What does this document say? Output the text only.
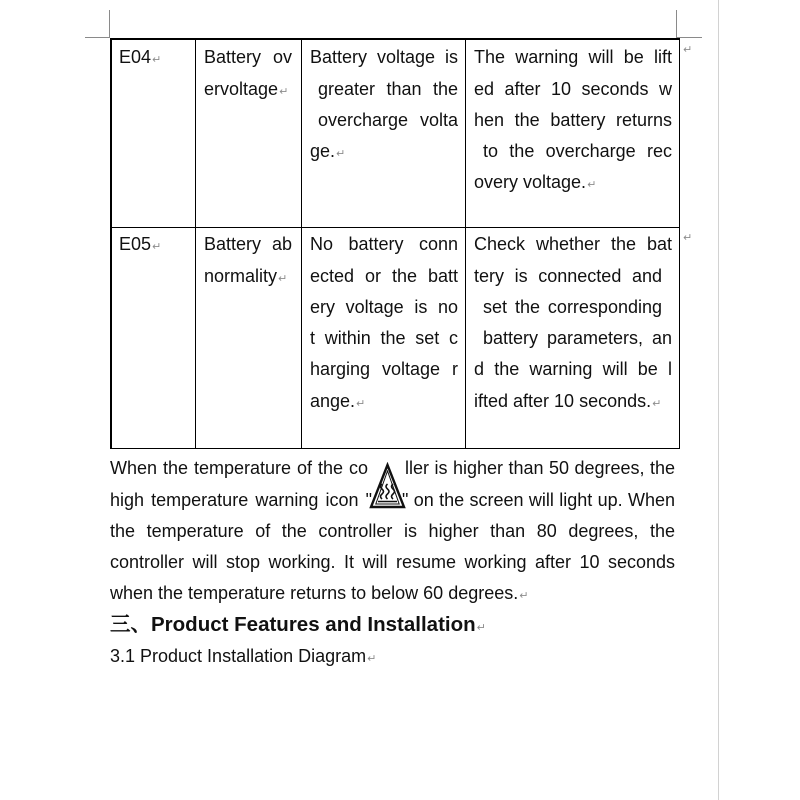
E04↵	Battery ov
ervoltage↵
Battery voltage is
greater than the
overcharge volta
ge.↵
The warning will be lift
ed after 10 seconds w
hen the battery returns
to the overcharge rec
overy voltage.↵
E05↵	Battery ab
normality↵
No battery conn
ected or the batt
ery voltage is no
t within the set c
harging voltage r
ange.↵
Check whether the bat
tery is connected and
set the corresponding
battery parameters, an
d the warning will be l
ifted after 10 seconds.↵
↵
↵
When the temperature of the co ller is higher than 50 degrees, the
high temperature warning icon " " on the screen will light up. When
the temperature of the controller is higher than 80 degrees, the
controller will stop working. It will resume working after 10 seconds
when the temperature returns to below 60 degrees.↵
三、Product Features and Installation↵
3.1 Product Installation Diagram↵
